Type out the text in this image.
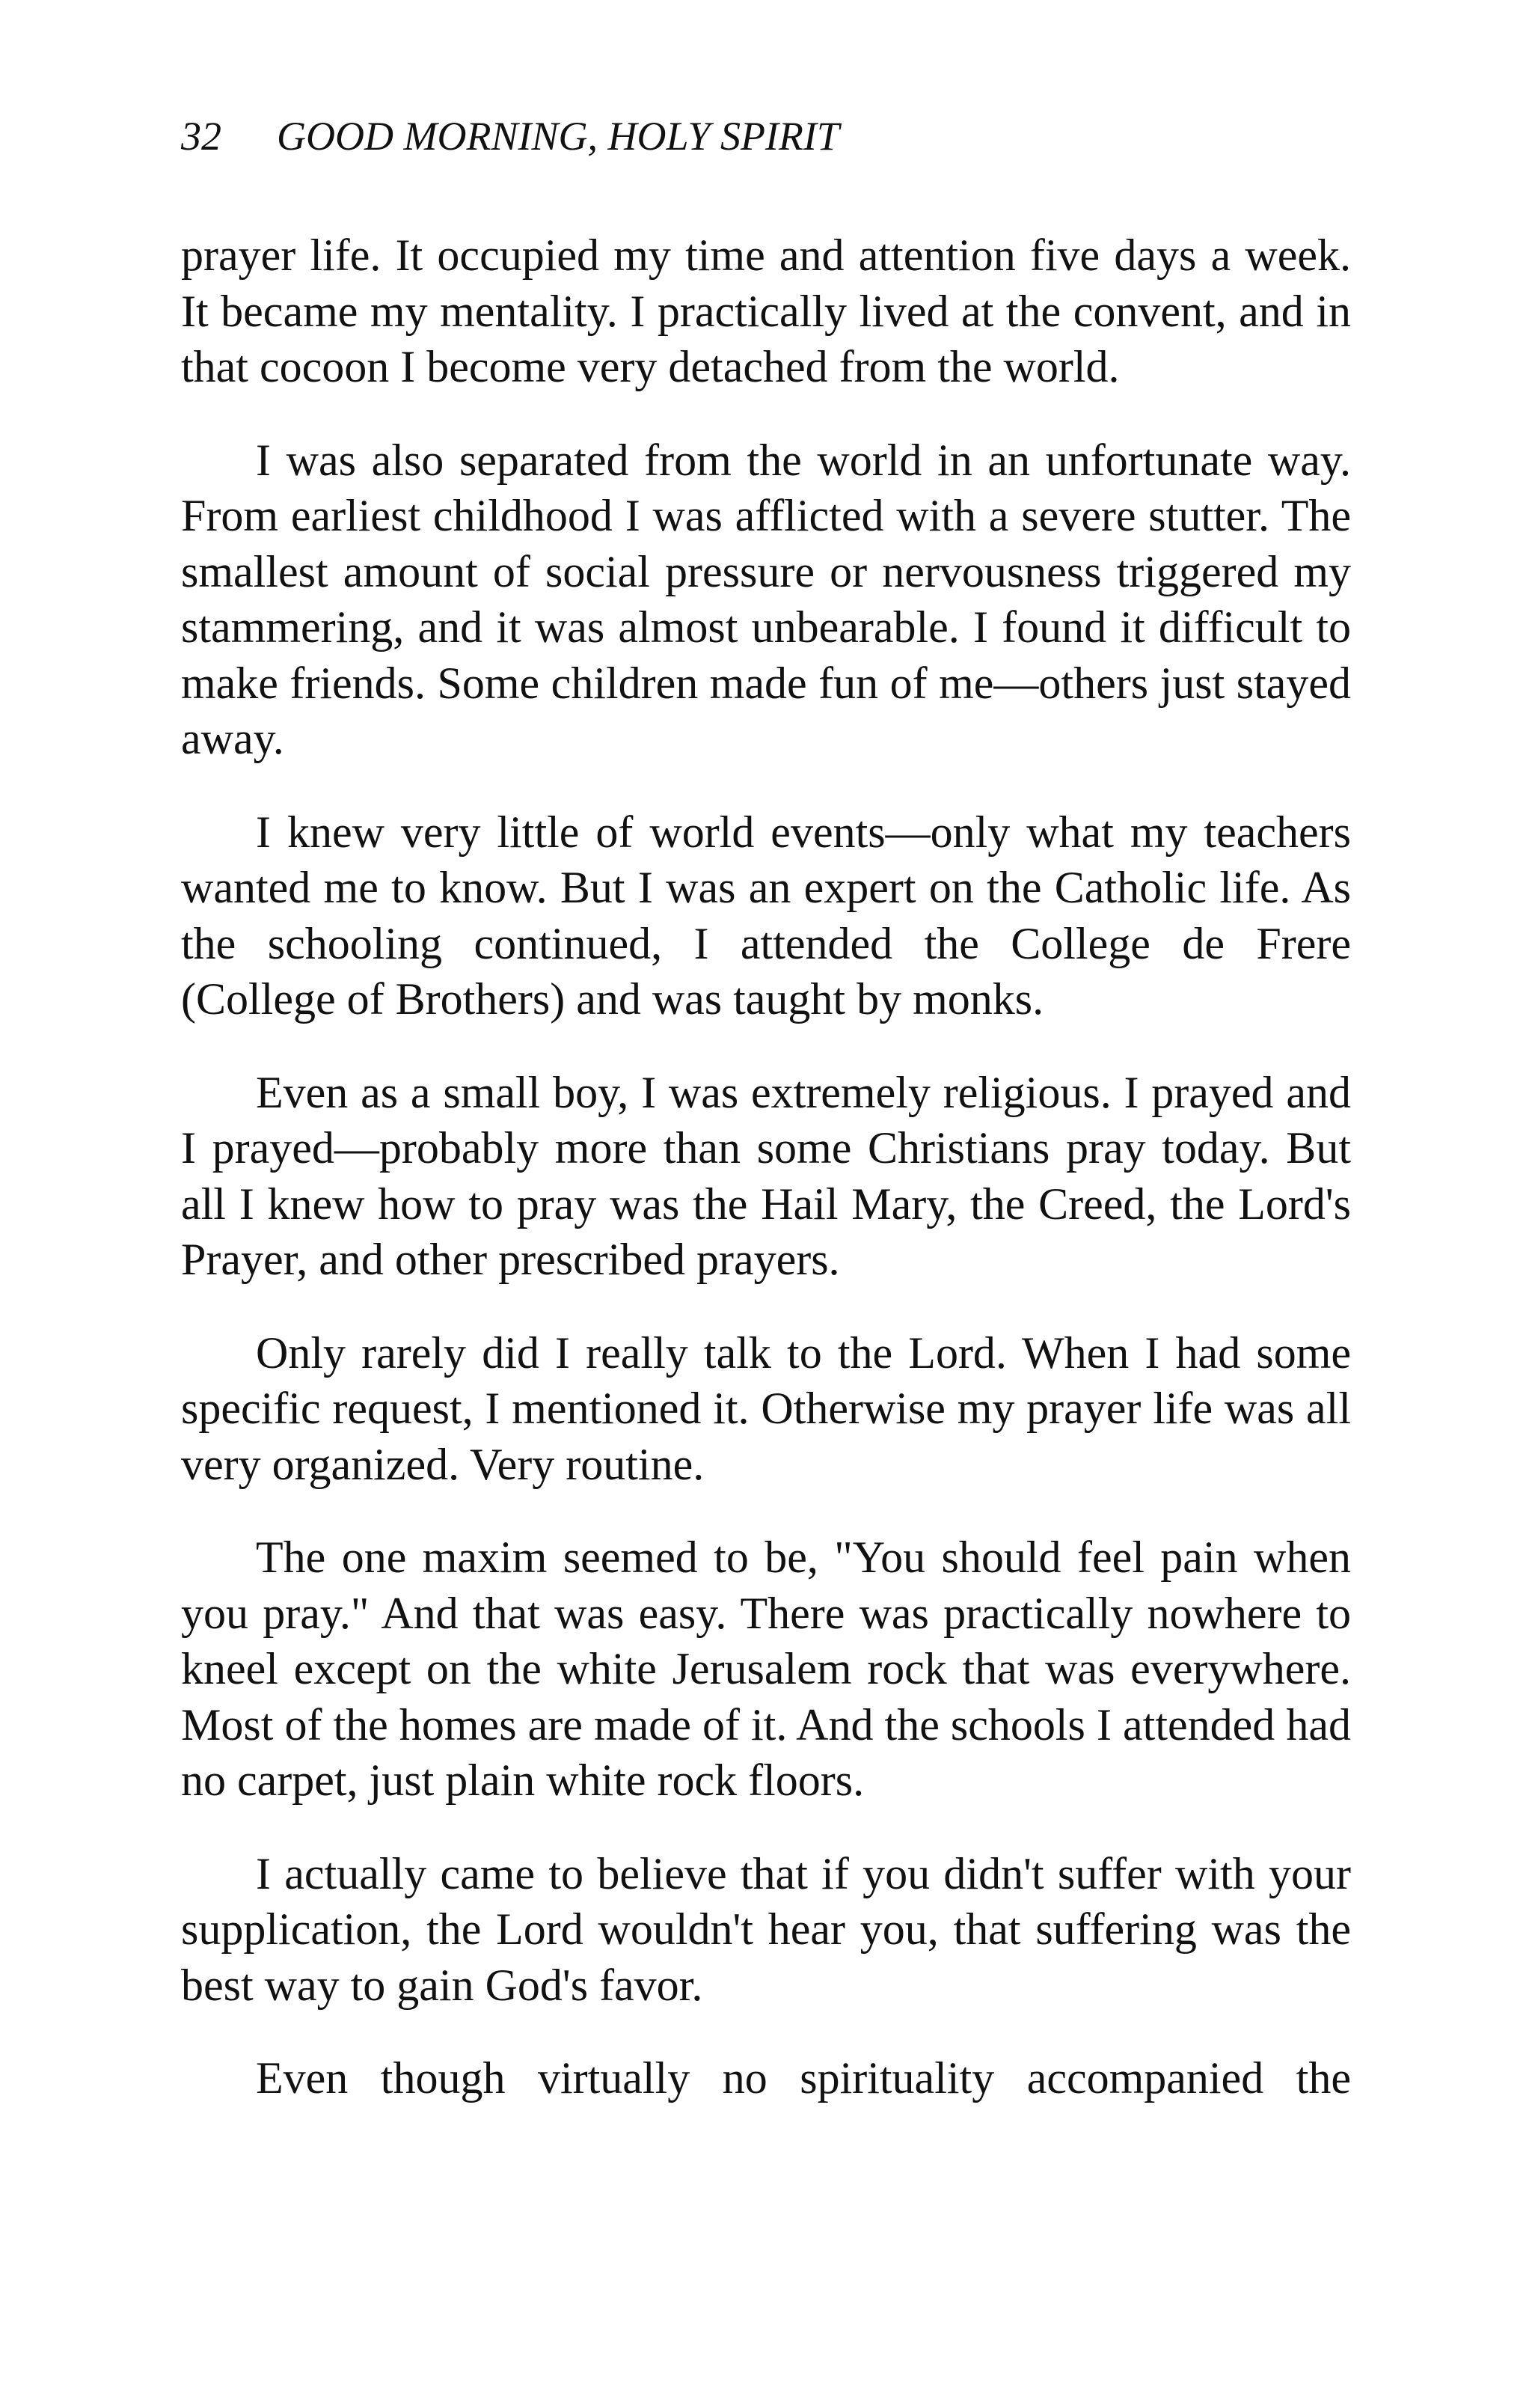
32 GOOD MORNING, HOLY SPIRIT

prayer life. It occupied my time and attention five days a week. It became my mentality. I practically lived at the convent, and in that cocoon I become very detached from the world.

I was also separated from the world in an unfortunate way. From earliest childhood I was afflicted with a severe stutter. The smallest amount of social pressure or nervousness triggered my stammering, and it was almost unbearable. I found it difficult to make friends. Some children made fun of me—others just stayed away.

I knew very little of world events—only what my teachers wanted me to know. But I was an expert on the Catholic life. As the schooling continued, I attended the College de Frere (College of Brothers) and was taught by monks.

Even as a small boy, I was extremely religious. I prayed and I prayed—probably more than some Christians pray today. But all I knew how to pray was the Hail Mary, the Creed, the Lord's Prayer, and other prescribed prayers.

Only rarely did I really talk to the Lord. When I had some specific request, I mentioned it. Otherwise my prayer life was all very organized. Very routine.

The one maxim seemed to be, "You should feel pain when you pray." And that was easy. There was practically nowhere to kneel except on the white Jerusalem rock that was everywhere. Most of the homes are made of it. And the schools I attended had no carpet, just plain white rock floors.

I actually came to believe that if you didn't suffer with your supplication, the Lord wouldn't hear you, that suffering was the best way to gain God's favor.

Even though virtually no spirituality accompanied the
